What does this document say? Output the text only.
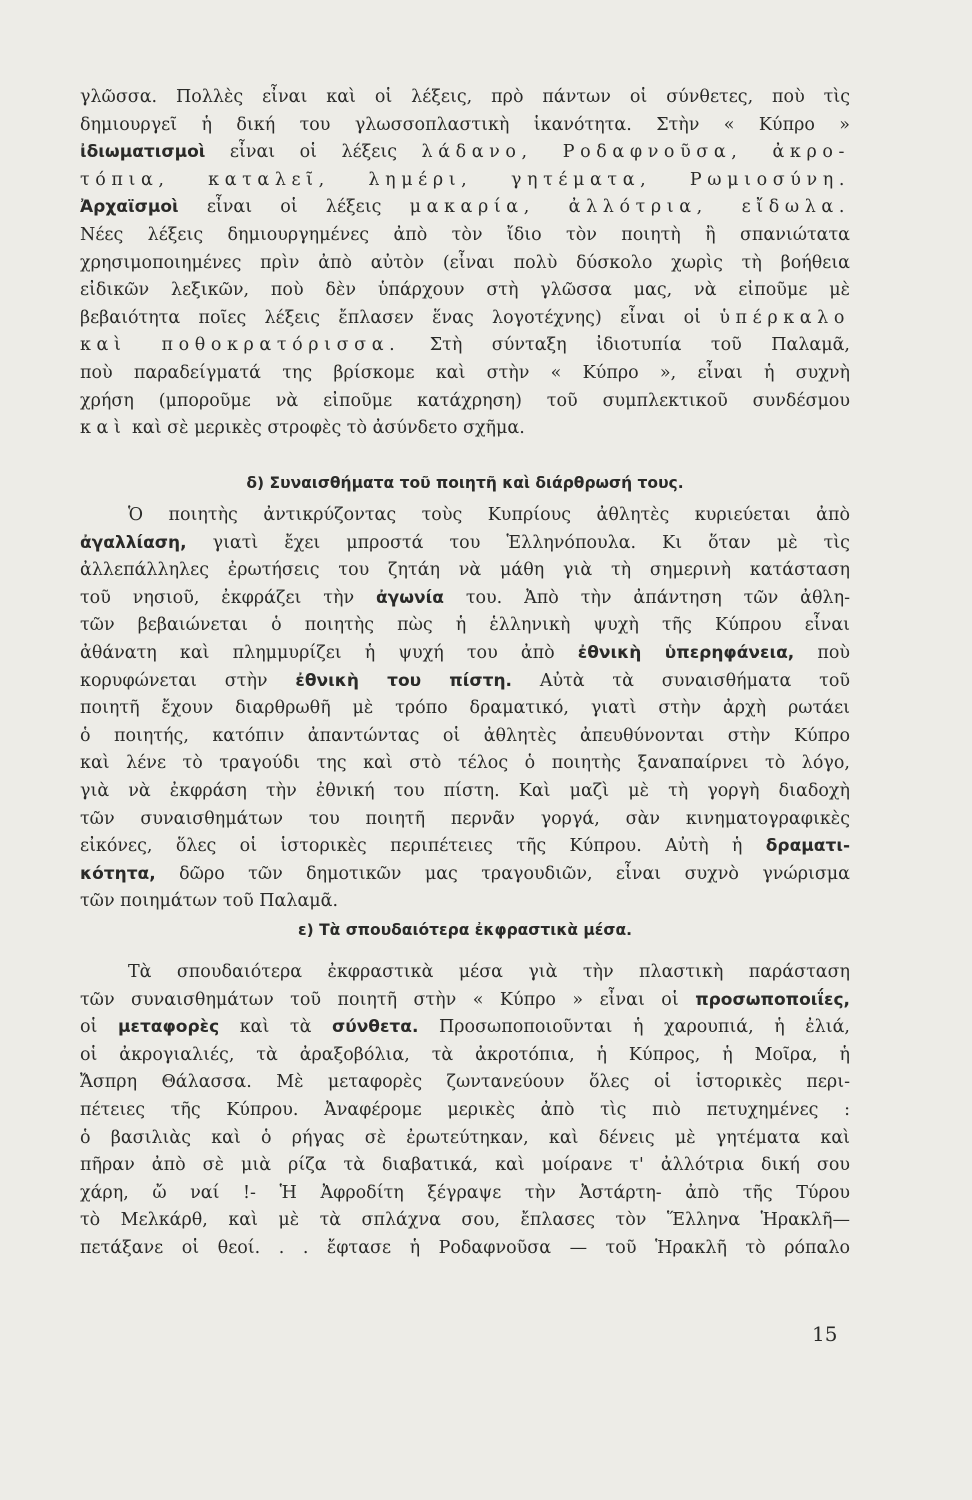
γλῶσσα. Πολλὲς εἶναι καὶ οἱ λέξεις, πρὸ πάντων οἱ σύνθετες, ποὺ τὶς
δημιουργεῖ ἡ δική του γλωσσοπλαστικὴ ἱκανότητα. Στὴν « Κύπρο »
ἰδιωματισμοὶ εἶναι οἱ λέξεις λάδανο, Ροδαφνοῦσα, ἀκρο-
τόπια, καταλεῖ, λημέρι, γητέματα, Ρωμιοσύνη.
Ἀρχαϊσμοὶ εἶναι οἱ λέξεις μακαρία, ἀλλότρια, εἴδωλα.
Νέες λέξεις δημιουργημένες ἀπὸ τὸν ἴδιο τὸν ποιητὴ ἢ σπανιώτατα
χρησιμοποιημένες πρὶν ἀπὸ αὐτὸν (εἶναι πολὺ δύσκολο χωρὶς τὴ βοήθεια
εἰδικῶν λεξικῶν, ποὺ δὲν ὑπάρχουν στὴ γλῶσσα μας, νὰ εἰποῦμε μὲ
βεβαιότητα ποῖες λέξεις ἔπλασεν ἕνας λογοτέχνης) εἶναι οἱ ὑπέρκαλο
καὶ ποθοκρατόρισσα. Στὴ σύνταξη ἰδιοτυπία τοῦ Παλαμᾶ,
ποὺ παραδείγματά της βρίσκομε καὶ στὴν « Κύπρο », εἶναι ἡ συχνὴ
χρήση (μποροῦμε νὰ εἰποῦμε κατάχρηση) τοῦ συμπλεκτικοῦ συνδέσμου
καὶ καὶ σὲ μερικὲς στροφὲς τὸ ἀσύνδετο σχῆμα.
δ) Συναισθήματα τοῦ ποιητῆ καὶ διάρθρωσή τους.
Ὁ ποιητὴς ἀντικρύζοντας τοὺς Κυπρίους ἀθλητὲς κυριεύεται ἀπὸ
ἀγαλλίαση, γιατὶ ἔχει μπροστά του Ἑλληνόπουλα. Κι ὅταν μὲ τὶς
ἀλλεπάλληλες ἐρωτήσεις του ζητάη νὰ μάθη γιὰ τὴ σημερινὴ κατάσταση
τοῦ νησιοῦ, ἐκφράζει τὴν ἀγωνία του. Ἀπὸ τὴν ἀπάντηση τῶν ἀθλη-
τῶν βεβαιώνεται ὁ ποιητὴς πὼς ἡ ἑλληνικὴ ψυχὴ τῆς Κύπρου εἶναι
ἀθάνατη καὶ πλημμυρίζει ἡ ψυχή του ἀπὸ ἐθνικὴ ὑπερηφάνεια, ποὺ
κορυφώνεται στὴν ἐθνικὴ του πίστη. Αὐτὰ τὰ συναισθήματα τοῦ
ποιητῆ ἔχουν διαρθρωθῆ μὲ τρόπο δραματικό, γιατὶ στὴν ἀρχὴ ρωτάει
ὁ ποιητής, κατόπιν ἀπαντώντας οἱ ἀθλητὲς ἀπευθύνονται στὴν Κύπρο
καὶ λένε τὸ τραγούδι της καὶ στὸ τέλος ὁ ποιητὴς ξαναπαίρνει τὸ λόγο,
γιὰ νὰ ἐκφράση τὴν ἐθνική του πίστη. Καὶ μαζὶ μὲ τὴ γοργὴ διαδοχὴ
τῶν συναισθημάτων του ποιητῆ περνᾶν γοργά, σὰν κινηματογραφικὲς
εἰκόνες, ὅλες οἱ ἱστορικὲς περιπέτειες τῆς Κύπρου. Αὐτὴ ἡ δραματι-
κότητα, δῶρο τῶν δημοτικῶν μας τραγουδιῶν, εἶναι συχνὸ γνώρισμα
τῶν ποιημάτων τοῦ Παλαμᾶ.
ε) Τὰ σπουδαιότερα ἐκφραστικὰ μέσα.
Τὰ σπουδαιότερα ἐκφραστικὰ μέσα γιὰ τὴν πλαστικὴ παράσταση
τῶν συναισθημάτων τοῦ ποιητῆ στὴν « Κύπρο » εἶναι οἱ προσωποποιΐες,
οἱ μεταφορὲς καὶ τὰ σύνθετα. Προσωποποιοῦνται ἡ χαρουπιά, ἡ ἐλιά,
οἱ ἀκρογιαλιές, τὰ ἀραξοβόλια, τὰ ἀκροτόπια, ἡ Κύπρος, ἡ Μοῖρα, ἡ
Ἄσπρη Θάλασσα. Μὲ μεταφορὲς ζωντανεύουν ὅλες οἱ ἱστορικὲς περι-
πέτειες τῆς Κύπρου. Ἀναφέρομε μερικὲς ἀπὸ τὶς πιὸ πετυχημένες :
ὁ βασιλιὰς καὶ ὁ ρήγας σὲ ἐρωτεύτηκαν, καὶ δένεις μὲ γητέματα καὶ
πῆραν ἀπὸ σὲ μιὰ ρίζα τὰ διαβατικά, καὶ μοίρανε τ' ἀλλότρια δική σου
χάρη, ὤ ναί !- Ἡ Ἀφροδίτη ξέγραψε τὴν Ἀστάρτη- ἀπὸ τῆς Τύρου
τὸ Μελκάρθ, καὶ μὲ τὰ σπλάχνα σου, ἔπλασες τὸν Ἕλληνα Ἡρακλῆ—
πετάξανε οἱ θεοί. . . ἔφτασε ἡ Ροδαφνοῦσα — τοῦ Ἡρακλῆ τὸ ρόπαλο
15
